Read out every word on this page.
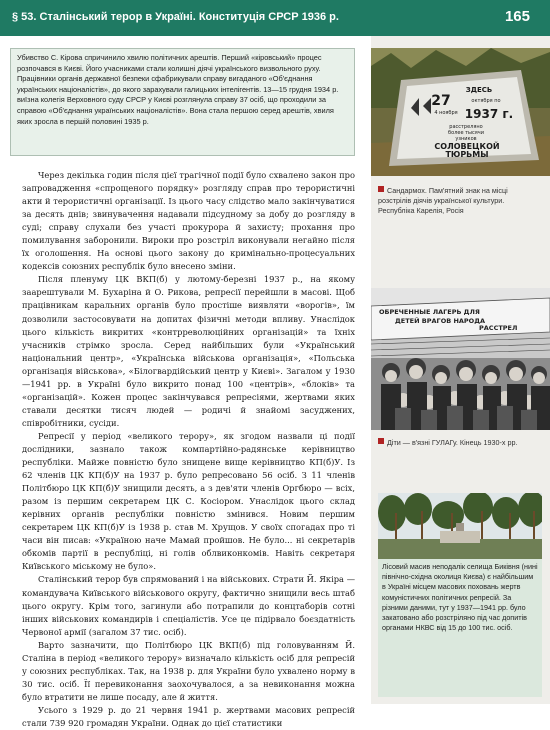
§ 53. Сталінський терор в Україні. Конституція СРСР 1936 р.	165

Убивство С. Кірова спричинило хвилю політичних арештів. Перший «кіровський» процес розпочався в Києві. Його учасниками стали колишні діячі українського визвольного руху. Працівники органів державної безпеки сфабрикували справу вигаданого «Об'єднання українських націоналістів», до якого зарахували галицьких інтелігентів. 13—15 грудня 1934 р. виїзна колегія Верховного суду СРСР у Києві розглянула справу 37 осіб, що проходили за справою «Об'єднання українських націоналістів». Вона стала першою серед арештів, хвиля яких зросла в першій половині 1935 р.

Через декілька годин після цієї трагічної події було схвалено закон про запровадження «спрощеного порядку» розгляду справ про терористичні акти й терористичні організації. Із цього часу слідство мало закінчуватися за десять днів; звинувачення надавали підсудному за добу до розгляду в суді; справу слухали без участі прокурора й захисту; прохання про помилування заборонили. Вироки про розстріл виконували негайно після їх оголошення. На основі цього закону до кримінально-процесуальних кодексів союзних республік було внесено зміни.

Після пленуму ЦК ВКП(б) у лютому-березні 1937 р., на якому заарештували М. Бухаріна й О. Рикова, репресії перейшли в масові. Щоб працівникам каральних органів було простіше виявляти «ворогів», їм дозволили застосовувати на допитах фізичні методи впливу. Унаслідок цього кількість викритих «контрреволюційних організацій» та їхніх учасників стрімко зросла. Серед найбільших були «Український національний центр», «Українська військова організація», «Польська організація військова», «Білогвардійський центр у Києві». Загалом у 1930—1941 рр. в Україні було викрито понад 100 «центрів», «блоків» та «організацій». Кожен процес закінчувався репресіями, жертвами яких ставали десятки тисяч людей — родичі й знайомі засуджених, співробітники, сусіди.

Репресії у період «великого терору», як згодом назвали ці події дослідники, зазнало також компартійно-радянське керівництво республіки. Майже повністю було знищене вище керівництво КП(б)У. Із 62 членів ЦК КП(б)У на 1937 р. було репресовано 56 осіб. З 11 членів Політбюро ЦК КП(б)У знищили десять, а з дев'яти членів Оргбюро — всіх, разом із першим секретарем ЦК С. Косіором. Унаслідок цього склад керівних органів республіки повністю змінився. Новим першим секретарем ЦК КП(б)У із 1938 р. став М. Хрущов. У своїх спогадах про ті часи він писав: «Україною наче Мамай пройшов. Не було... ні секретарів обкомів партії в республіці, ні голів облвиконкомів. Навіть секретаря Київського міському не було».

Сталінський терор був спрямований і на військових. Страти Й. Якіра — командувача Київського військового округу, фактично знищили весь штаб цього округу. Крім того, загинули або потрапили до концтаборів сотні інших військових командирів і спеціалістів. Усе це підірвало боєздатність Червоної армії (загалом 37 тис. осіб).

Варто зазначити, що Політбюро ЦК ВКП(б) під головуванням Й. Сталіна в період «великого терору» визначало кількість осіб для репресій у союзних республіках. Так, на 1938 р. для України було ухвалено норму в 30 тис. осіб. Її перевиконання заохочувалося, а за невиконання можна було втратити не лише посаду, але й життя.

Усього з 1929 р. до 21 червня 1941 р. жертвами масових репресій стали 739 920 громадян України. Однак до цієї статистики

ЗДЕСЬ
27	октября по
4 ноября 1937 г.
расстреляно
более тысячи
узников
СОЛОВЕЦКОЙ
ТЮРЬМЫ
Сандармох. Пам'ятний знак на місці розстрілів діячів української культури. Республіка Карелія, Росія
ОБРЕЧЕННЫЕ ЛАГЕРЬ ДЛЯ
ДЕТЕЙ ВРАГОВ НАРОДА
РАССТРЕЛ
Діти — в'язні ГУЛАГу. Кінець 1930-х рр.
Лісовий масив неподалік селища Биківня (нині північно-східна околиця Києва) є найбільшим в Україні місцем масових поховань жертв комуністичних політичних репресій. За різними даними, тут у 1937—1941 рр. було закатовано або розстріляно під час допитів органами НКВС від 15 до 100 тис. осіб.
